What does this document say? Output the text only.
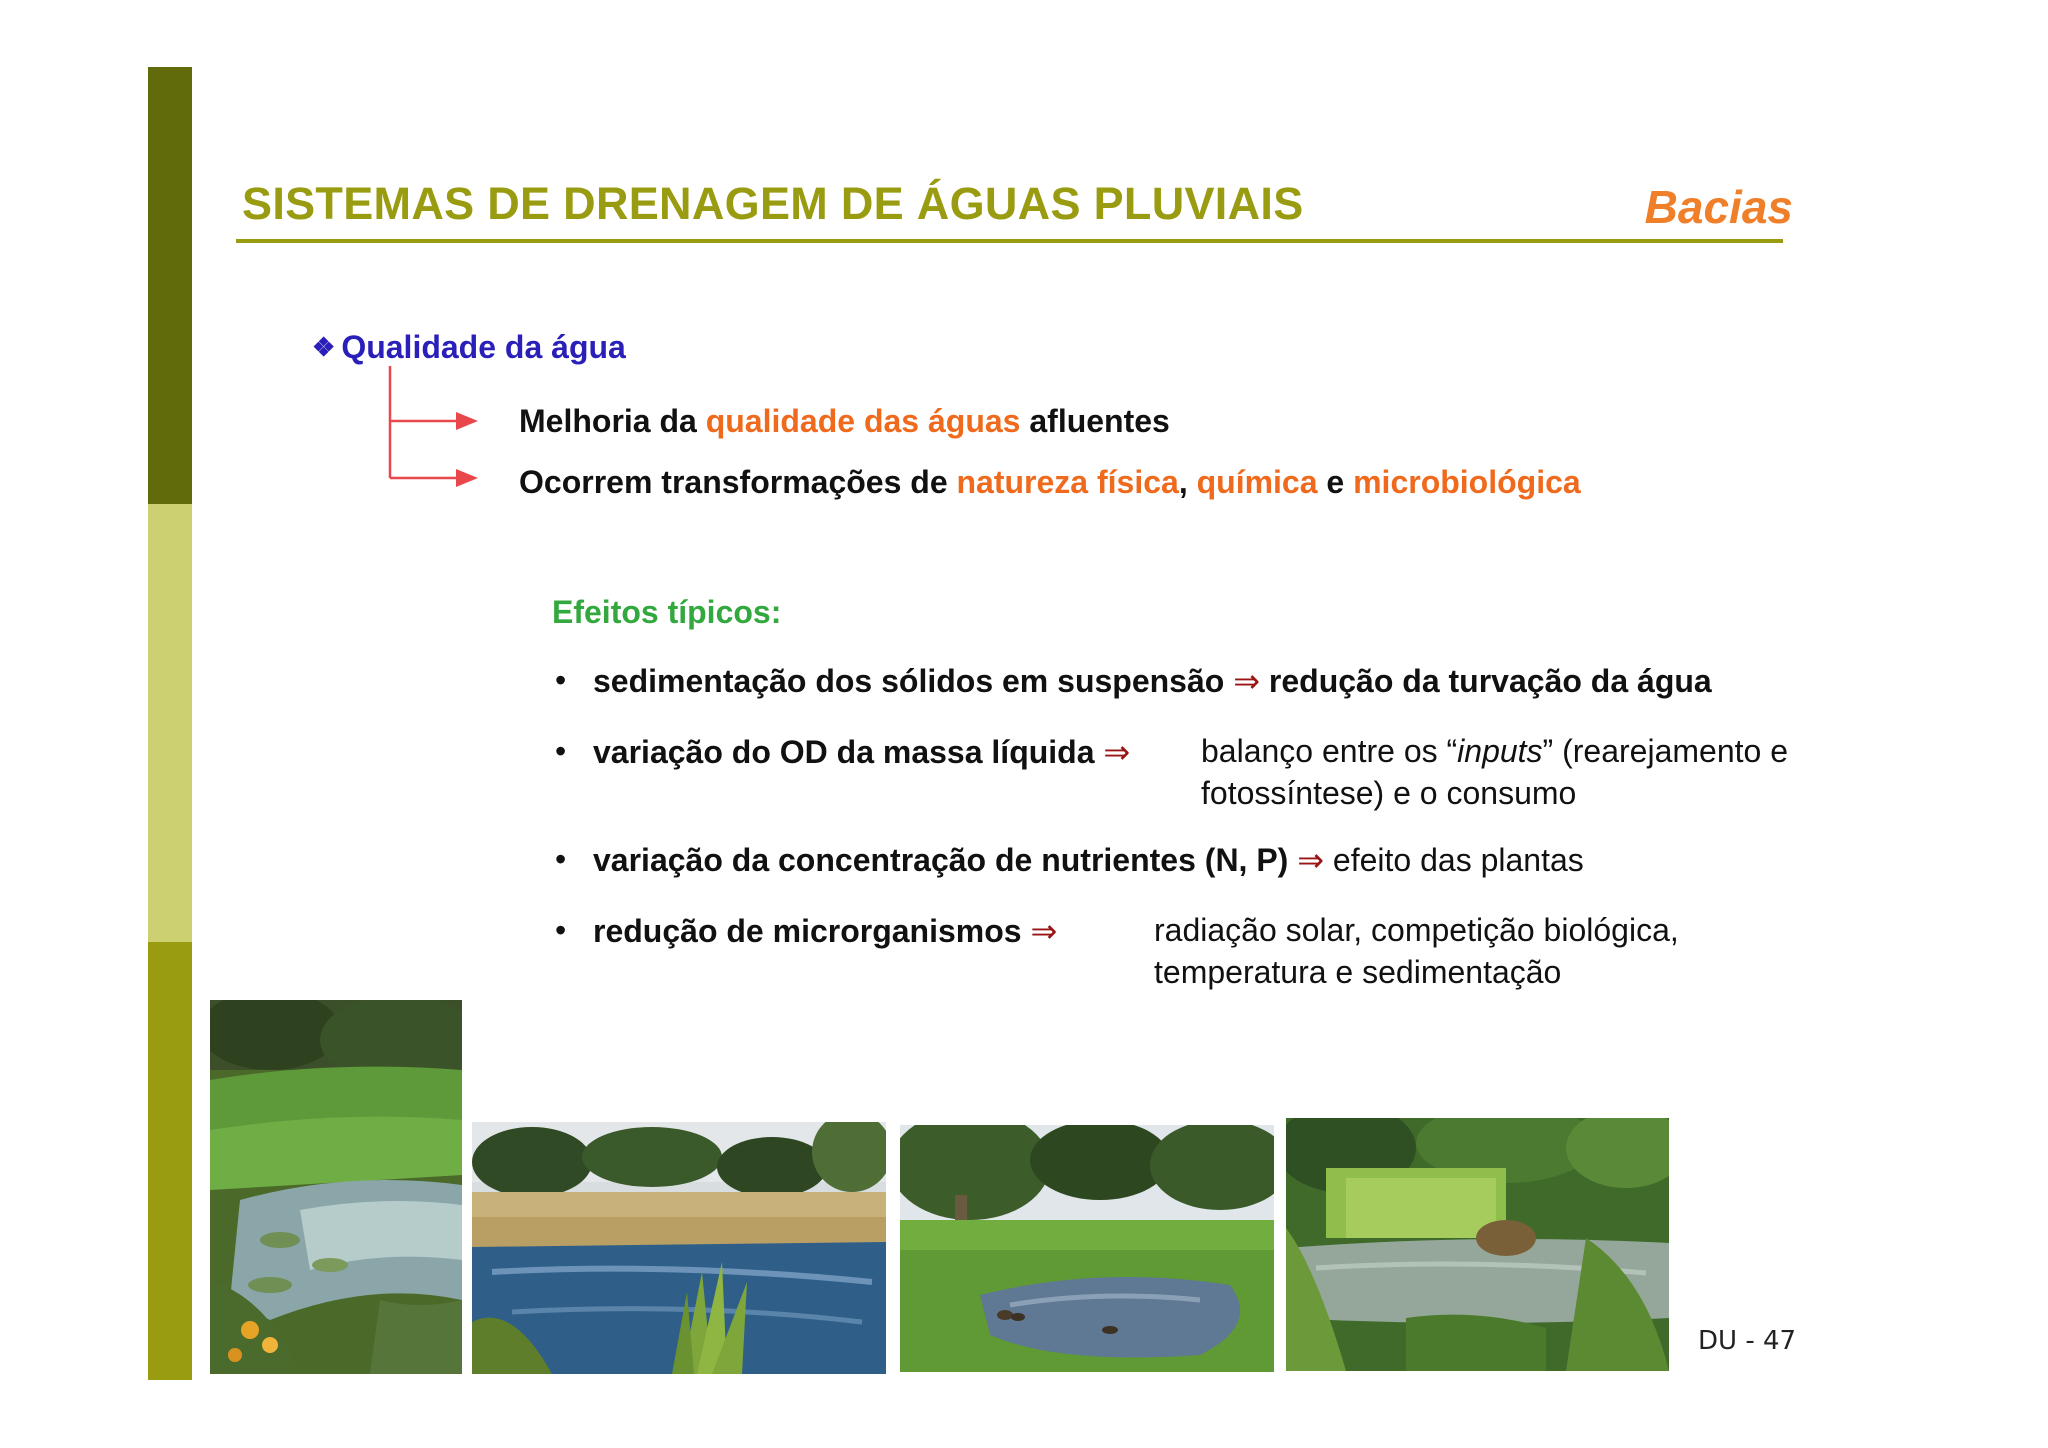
SISTEMAS DE DRENAGEM DE ÁGUAS PLUVIAIS	Bacias
❖ Qualidade da água
Melhoria da qualidade das águas afluentes
Ocorrem transformações de natureza física, química e microbiológica
Efeitos típicos:
• sedimentação dos sólidos em suspensão ⇒ redução da turvação da água
• variação do OD da massa líquida ⇒ balanço entre os “inputs” (rearejamento e
fotossíntese) e o consumo
• variação da concentração de nutrientes (N, P) ⇒ efeito das plantas
• redução de microrganismos ⇒	radiação solar, competição biológica,
temperatura e sedimentação
DU - 47
